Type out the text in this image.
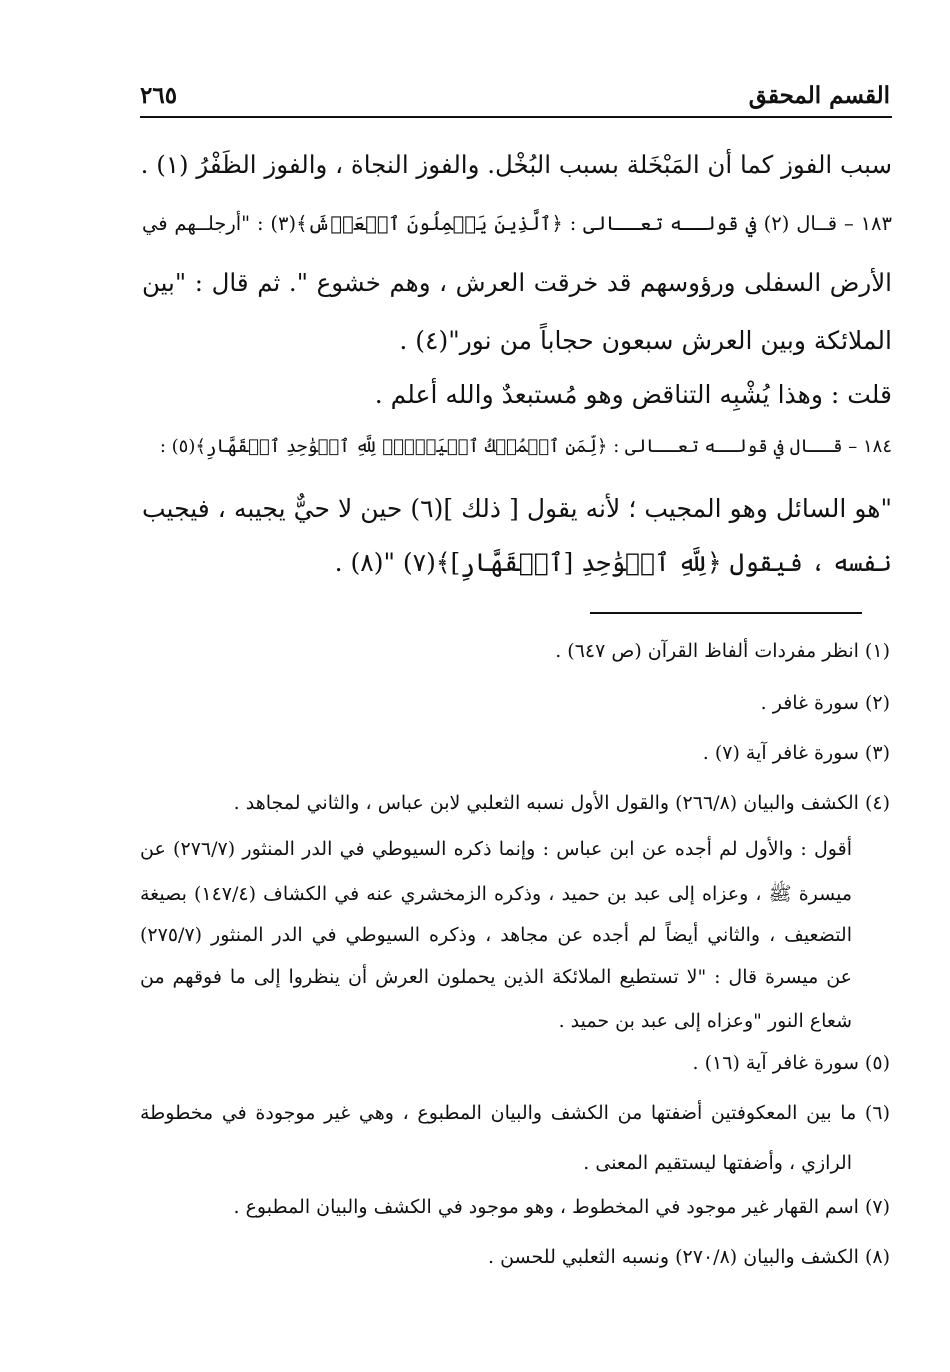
القسم المحقق
٢٦٥
سبب الفوز كما أن المَبْخَلة بسبب البُخْل. والفوز النجاة ، والفوز الظَفْرُ (١) .
١٨٣ – قــال (٢) في قولــه تعــالى : ﴿ٱلَّذِينَ يَحۡمِلُونَ ٱلۡعَرۡشَ﴾(٣) : "أرجلــهم في
الأرض السفلى ورؤوسهم قد خرقت العرش ، وهم خشوع ". ثم قال : "بين
الملائكة وبين العرش سبعون حجاباً من نور"(٤) .
قلت : وهذا يُشْبِه التناقض وهو مُستبعدٌ والله أعلم .
١٨٤ – قــال في قولــه تعــالى : ﴿لِّمَنِ ٱلۡمُلۡكُ ٱلۡيَوۡمَۖ لِلَّهِ ٱلۡوَٰحِدِ ٱلۡقَهَّارِ﴾(٥) :
"هو السائل وهو المجيب ؛ لأنه يقول [ ذلك ](٦) حين لا حيٌّ يجيبه ، فيجيب
نفسه ، فيقول ﴿لِلَّهِ ٱلۡوَٰحِدِ [ٱلۡقَهَّارِ]﴾(٧) "(٨) .
(١) انظر مفردات ألفاظ القرآن (ص ٦٤٧) .
(٢) سورة غافر .
(٣) سورة غافر آية (٧) .
(٤) الكشف والبيان (٢٦٦/٨) والقول الأول نسبه الثعلبي لابن عباس ، والثاني لمجاهد .
أقول : والأول لم أجده عن ابن عباس : وإنما ذكره السيوطي في الدر المنثور (٢٧٦/٧) عن
ميسرة ﷺ ، وعزاه إلى عبد بن حميد ، وذكره الزمخشري عنه في الكشاف (١٤٧/٤) بصيغة
التضعيف ، والثاني أيضاً لم أجده عن مجاهد ، وذكره السيوطي في الدر المنثور (٢٧٥/٧)
عن ميسرة قال : "لا تستطيع الملائكة الذين يحملون العرش أن ينظروا إلى ما فوقهم من
شعاع النور "وعزاه إلى عبد بن حميد .
(٥) سورة غافر آية (١٦) .
(٦) ما بين المعكوفتين أضفتها من الكشف والبيان المطبوع ، وهي غير موجودة في مخطوطة
الرازي ، وأضفتها ليستقيم المعنى .
(٧) اسم القهار غير موجود في المخطوط ، وهو موجود في الكشف والبيان المطبوع .
(٨) الكشف والبيان (٢٧٠/٨) ونسبه الثعلبي للحسن .
